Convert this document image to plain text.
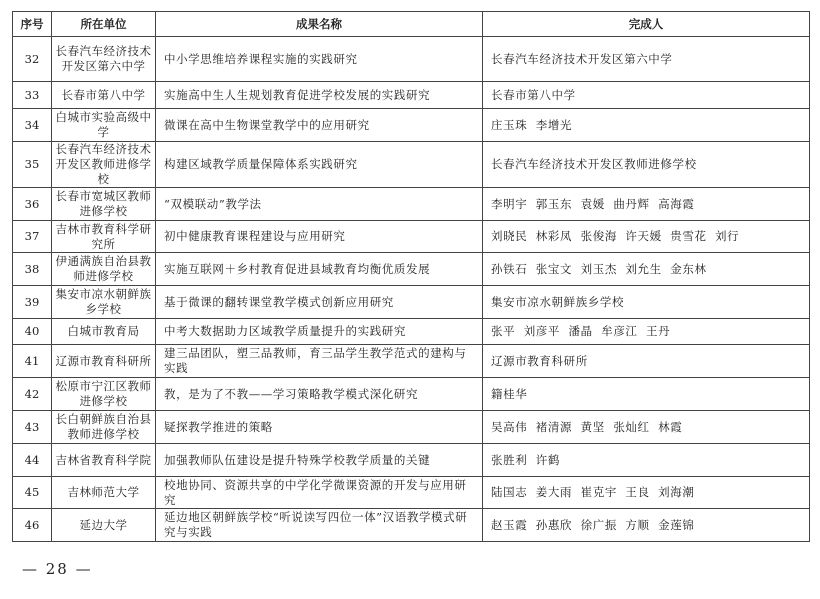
序号	所在单位	成果名称	完成人
32	长春汽车经济技术开发区第六中学	中小学思维培养课程实施的实践研究	长春汽车经济技术开发区第六中学
33	长春市第八中学	实施高中生人生规划教育促进学校发展的实践研究	长春市第八中学
34	白城市实验高级中学	微课在高中生物课堂教学中的应用研究	庄玉珠  李增光
35	长春汽车经济技术开发区教师进修学校	构建区域教学质量保障体系实践研究	长春汽车经济技术开发区教师进修学校
36	长春市宽城区教师进修学校	“双模联动”教学法	李明宇  郭玉东  袁媛  曲丹辉  高海霞
37	吉林市教育科学研究所	初中健康教育课程建设与应用研究	刘晓民  林彩凤  张俊海  许天媛  贵雪花  刘行
38	伊通满族自治县教师进修学校	实施互联网＋乡村教育促进县域教育均衡优质发展	孙铁石  张宝文  刘玉杰  刘允生  金东林
39	集安市凉水朝鲜族乡学校	基于微课的翻转课堂教学模式创新应用研究	集安市凉水朝鲜族乡学校
40	白城市教育局	中考大数据助力区域教学质量提升的实践研究	张平  刘彦平  潘晶  牟彦江  王丹
41	辽源市教育科研所	建三品团队，塑三品教师，育三品学生教学范式的建构与实践	辽源市教育科研所
42	松原市宁江区教师进修学校	教，是为了不教——学习策略教学模式深化研究	籍桂华
43	长白朝鲜族自治县教师进修学校	疑探教学推进的策略	吴高伟  褚清源  黄坚  张灿红  林霞
44	吉林省教育科学院	加强教师队伍建设是提升特殊学校教学质量的关键	张胜利  许鹤
45	吉林师范大学	校地协同、资源共享的中学化学微课资源的开发与应用研究	陆国志  姜大雨  崔克宇  王良  刘海潮
46	延边大学	延边地区朝鲜族学校“听说读写四位一体”汉语教学模式研究与实践	赵玉霞  孙惠欣  徐广振  方顺  金莲锦
— 28 —
